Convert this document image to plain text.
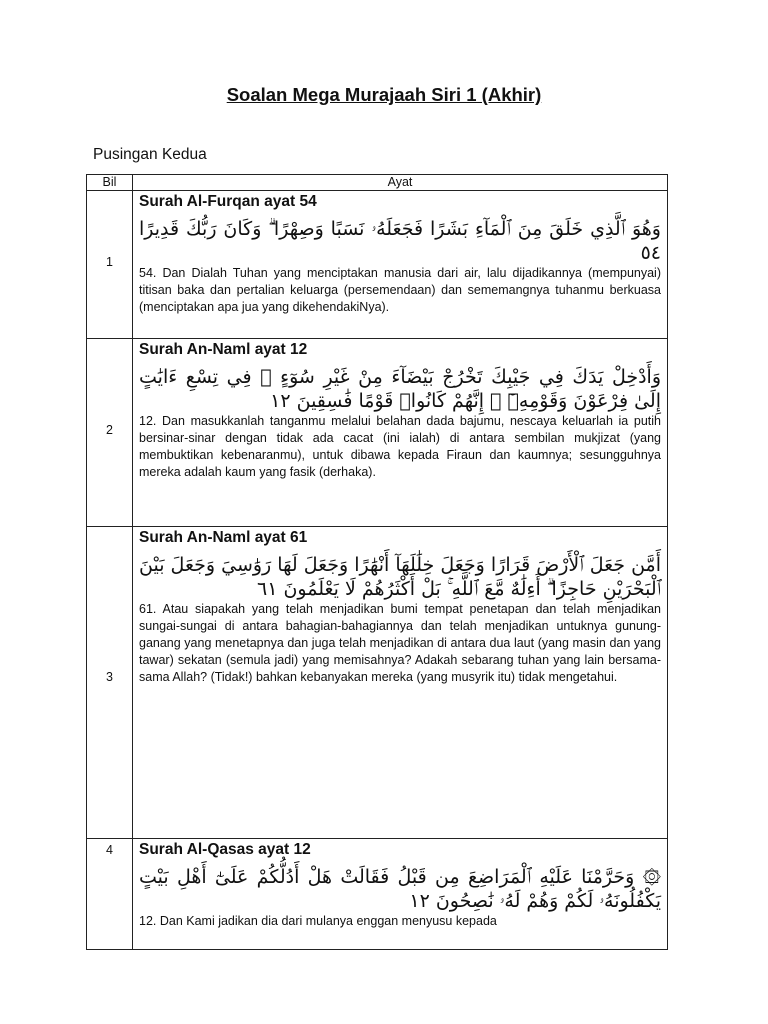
Soalan Mega Murajaah Siri 1 (Akhir)
Pusingan Kedua
Bil	Ayat

1	Surah Al-Furqan ayat 54

وَهُوَ ٱلَّذِي خَلَقَ مِنَ ٱلْمَآءِ بَشَرًا فَجَعَلَهُۥ نَسَبًا وَصِهْرًا ۗ وَكَانَ رَبُّكَ قَدِيرًا ٥٤

54. Dan Dialah Tuhan yang menciptakan manusia dari air, lalu dijadikannya (mempunyai) titisan baka dan pertalian keluarga (persemendaan) dan sememangnya tuhanmu berkuasa (menciptakan apa jua yang dikehendakiNya).

2	Surah An-Naml ayat 12

وَأَدْخِلْ يَدَكَ فِي جَيْبِكَ تَخْرُجْ بَيْضَآءَ مِنْ غَيْرِ سُوٓءٍ ۖ فِي تِسْعِ ءَايَٰتٍ إِلَىٰ فِرْعَوْنَ وَقَوْمِهِۦٓ ۚ إِنَّهُمْ كَانُوا۟ قَوْمًا فَٰسِقِينَ ١٢

12. Dan masukkanlah tanganmu melalui belahan dada bajumu, nescaya keluarlah ia putih bersinar-sinar dengan tidak ada cacat (ini ialah) di antara sembilan mukjizat (yang membuktikan kebenaranmu), untuk dibawa kepada Firaun dan kaumnya; sesungguhnya mereka adalah kaum yang fasik (derhaka).

3	Surah An-Naml ayat 61

أَمَّن جَعَلَ ٱلْأَرْضَ قَرَارًا وَجَعَلَ خِلَٰلَهَآ أَنْهَٰرًا وَجَعَلَ لَهَا رَوَٰسِيَ وَجَعَلَ بَيْنَ ٱلْبَحْرَيْنِ حَاجِزًا ۗ أَءِلَٰهٌ مَّعَ ٱللَّهِ ۚ بَلْ أَكْثَرُهُمْ لَا يَعْلَمُونَ ٦١

61. Atau siapakah yang telah menjadikan bumi tempat penetapan dan telah menjadikan sungai-sungai di antara bahagian-bahagiannya dan telah menjadikan untuknya gunung-ganang yang menetapnya dan juga telah menjadikan di antara dua laut (yang masin dan yang tawar) sekatan (semula jadi) yang memisahnya? Adakah sebarang tuhan yang lain bersama-sama Allah? (Tidak!) bahkan kebanyakan mereka (yang musyrik itu) tidak mengetahui.

4	Surah Al-Qasas ayat 12

۞ وَحَرَّمْنَا عَلَيْهِ ٱلْمَرَاضِعَ مِن قَبْلُ فَقَالَتْ هَلْ أَدُلُّكُمْ عَلَىٰٓ أَهْلِ بَيْتٍ يَكْفُلُونَهُۥ لَكُمْ وَهُمْ لَهُۥ نَٰصِحُونَ ١٢

12. Dan Kami jadikan dia dari mulanya enggan menyusu kepada
